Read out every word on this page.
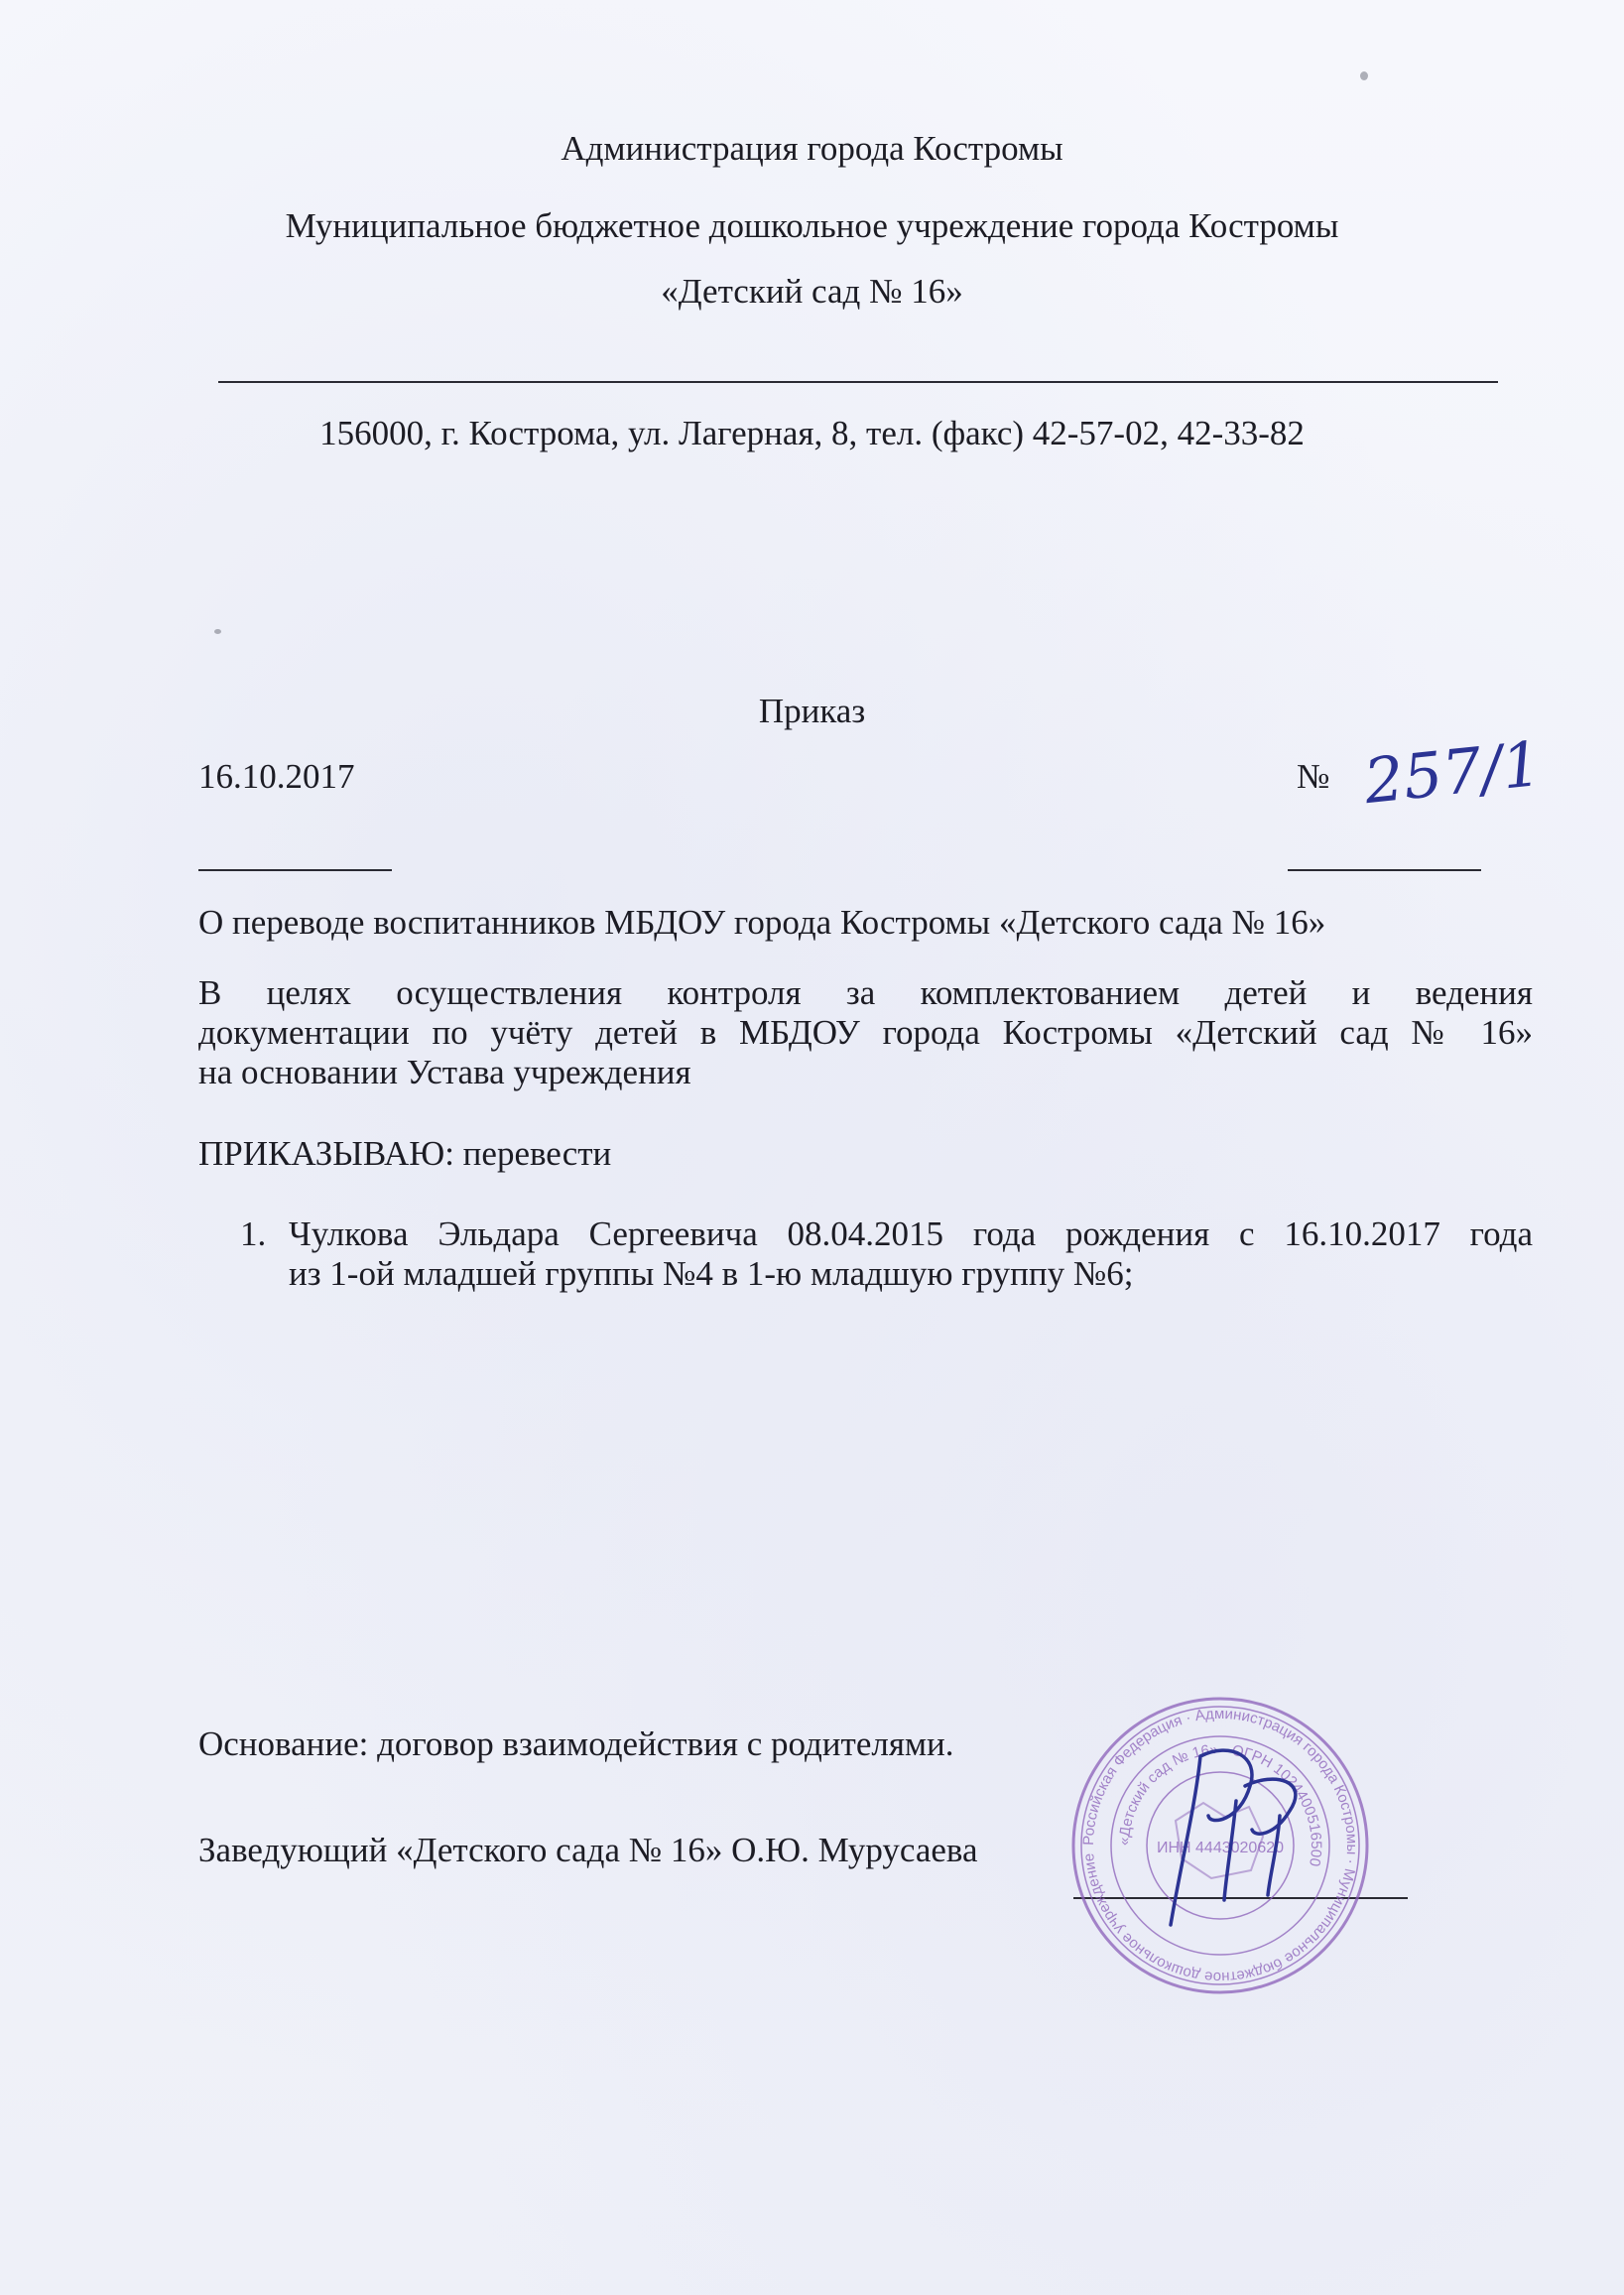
Администрация города Костромы
Муниципальное бюджетное дошкольное учреждение города Костромы
«Детский сад № 16»
156000, г. Кострома, ул. Лагерная, 8, тел. (факс) 42-57-02, 42-33-82
Приказ
16.10.2017	№ 257/1
О переводе воспитанников МБДОУ города Костромы «Детского сада № 16»
В целях осуществления контроля за комплектованием детей и ведения
документации по учёту детей в МБДОУ города Костромы «Детский сад № 16»
на основании Устава учреждения
ПРИКАЗЫВАЮ: перевести
1. Чулкова Эльдара Сергеевича 08.04.2015 года рождения с 16.10.2017 года
из 1-ой младшей группы №4 в 1-ю младшую группу №6;
Основание: договор взаимодействия с родителями.
Заведующий «Детского сада № 16» О.Ю. Мурусаева	Российская Федерация · Администрация города Костромы · Муниципальное бюджетное дошкольное учреждение
«Детский сад № 16» · ОГРН 1024400516500
ИНН 4443020620
